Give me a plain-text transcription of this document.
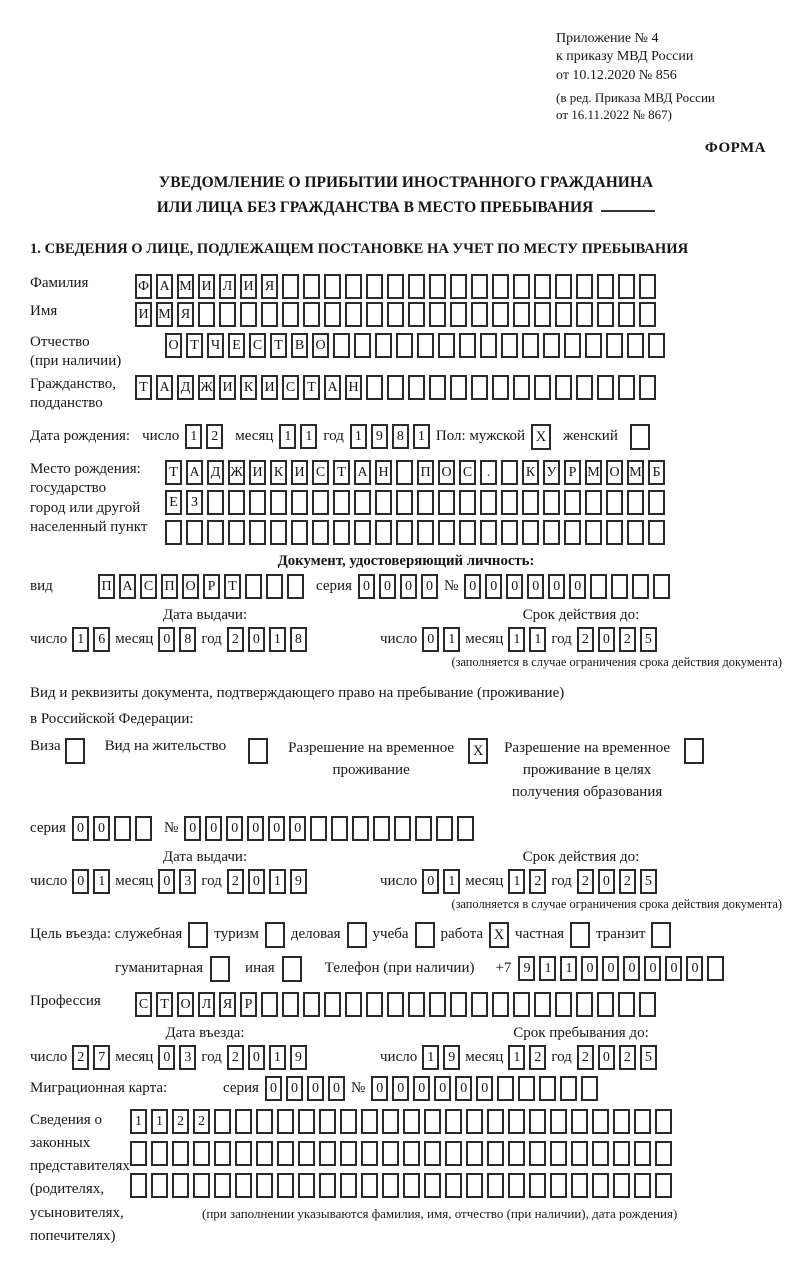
Приложение № 4
к приказу МВД России
от 10.12.2020 № 856
(в ред. Приказа МВД России
от 16.11.2022 № 867)
ФОРМА
УВЕДОМЛЕНИЕ О ПРИБЫТИИ ИНОСТРАННОГО ГРАЖДАНИНА
ИЛИ ЛИЦА БЕЗ ГРАЖДАНСТВА В МЕСТО ПРЕБЫВАНИЯ
1. СВЕДЕНИЯ О ЛИЦЕ, ПОДЛЕЖАЩЕМ ПОСТАНОВКЕ НА УЧЕТ ПО МЕСТУ ПРЕБЫВАНИЯ
Фамилия	Ф А М И Л И Я
Имя	И М Я
Отчество
(при наличии)
О Т Ч Е С Т В О
Гражданство,
подданство
Т А Д Ж И К И С Т А Н
Дата рождения: число 1	2	месяц 1	1 год 1	9	8	1 Пол: мужской X	женский
Место рождения:
государство
город или другой
населенный пункт
Т А Д Ж И К И С Т А Н П О С	.	К У Р М О М Б
Е З
Документ, удостоверяющий личность:
вид	П А С П О Р Т	серия 0	0	0	0 № 0	0	0	0	0	0
Дата выдачи:
число 1	6 месяц 0	8 год 2	0	1	8
Срок действия до:
число 0	1 месяц 1	1 год 2	0	2	5
(заполняется в случае ограничения срока действия документа)
Вид и реквизиты документа, подтверждающего право на пребывание (проживание)
в Российской Федерации:
Виза	Вид на жительство	Разрешение на временное
проживание
X	Разрешение на временное
проживание в целях
получения образования
серия 0	0	№ 0	0	0	0	0	0
Дата выдачи:
число 0	1 месяц 0	3 год 2	0	1	9
Срок действия до:
число 0	1 месяц 1	2 год 2	0	2	5
(заполняется в случае ограничения срока действия документа)
Цель въезда: служебная туризм деловая учеба работа X частная транзит
гуманитарная	иная	Телефон (при наличии) +7 9	1	1	0	0	0	0	0	0
Профессия	С Т О Л Я Р
Дата въезда:
число 2	7 месяц 0	3 год 2	0	1	9
Срок пребывания до:
число 1	9 месяц 1	2 год 2	0	2	5
Миграционная карта:	серия 0	0	0	0 № 0	0	0	0	0	0
Сведения о
законных
представителях
(родителях,
усыновителях,
попечителях)
1	1	2	2
(при заполнении указываются фамилия, имя, отчество (при наличии), дата рождения)
